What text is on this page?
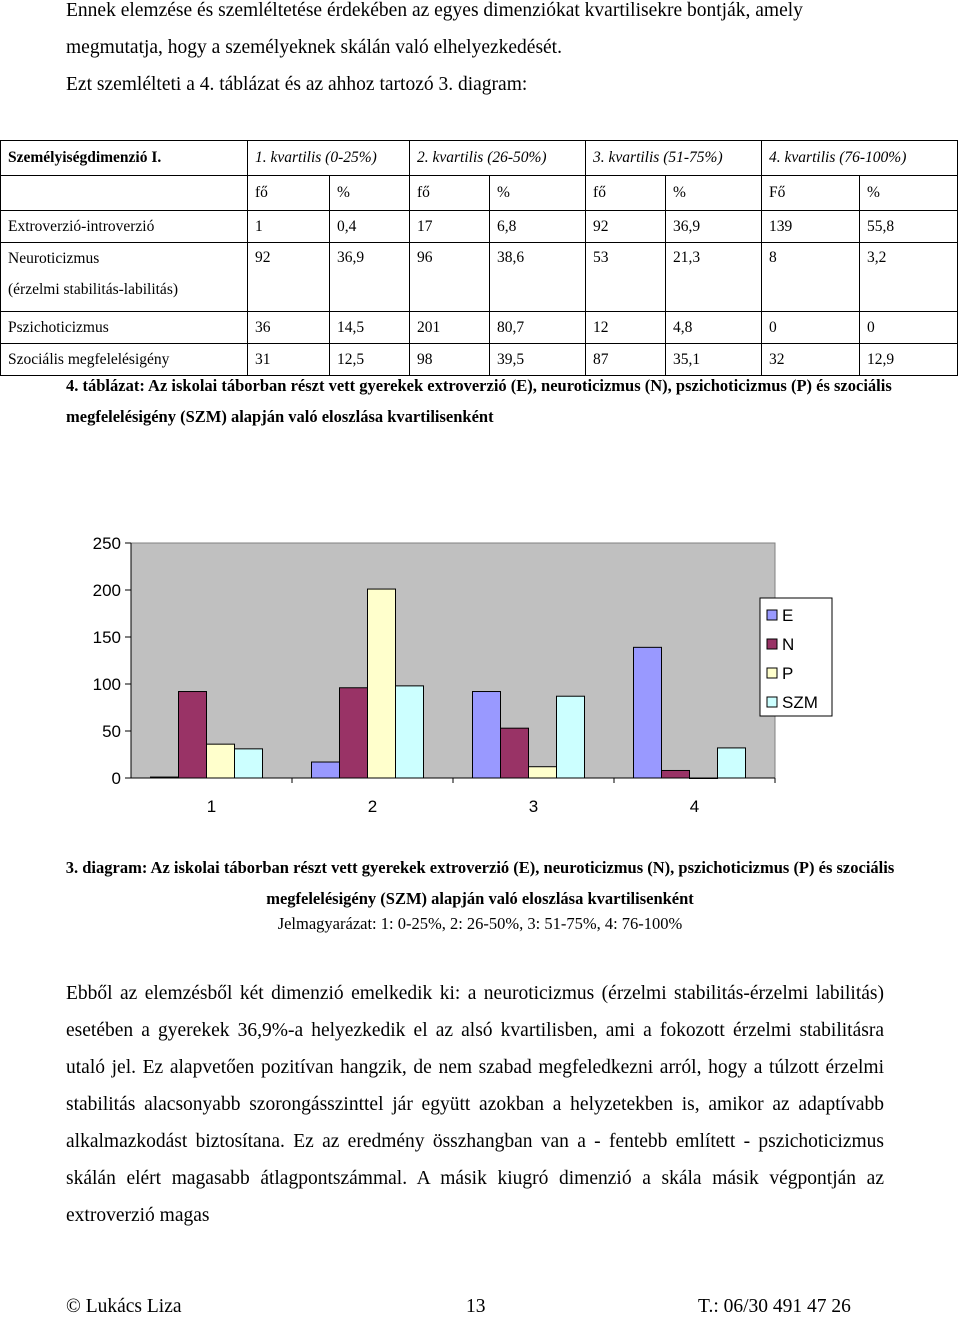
Ennek elemzése és szemléltetése érdekében az egyes dimenziókat kvartilisekre bontják, amely
megmutatja, hogy a személyeknek skálán való elhelyezkedését.
Ezt szemlélteti a 4. táblázat és az ahhoz tartozó 3. diagram:
Személyiségdimenzió I.	1. kvartilis (0-25%)		2. kvartilis (26-50%)		3. kvartilis (51-75%)		4. kvartilis (76-100%)	
	fő	%	fő	%	fő	%	Fő	%
Extroverzió-introverzió	1	0,4	17	6,8	92	36,9	139	55,8

Neuroticizmus
(érzelmi stabilitás-labilitás)	92	36,9	96	38,6	53	21,3	8	3,2
Pszichoticizmus	36	14,5	201	80,7	12	4,8	0	0
Szociális megfelelésigény	31	12,5	98	39,5	87	35,1	32	12,9
4. táblázat: Az iskolai táborban részt vett gyerekek extroverzió (E), neuroticizmus (N), pszichoticizmus (P) és szociális megfelelésigény (SZM) alapján való eloszlása kvartilisenként
250
200
150
100
50
0
1	2	3	4
E
N
P
SZM
3. diagram: Az iskolai táborban részt vett gyerekek extroverzió (E), neuroticizmus (N), pszichoticizmus (P) és szociális megfelelésigény (SZM) alapján való eloszlása kvartilisenként
Jelmagyarázat: 1: 0-25%, 2: 26-50%, 3: 51-75%, 4: 76-100%
Ebből az elemzésből két dimenzió emelkedik ki: a neuroticizmus (érzelmi stabilitás-érzelmi labilitás) esetében a gyerekek 36,9%-a helyezkedik el az alsó kvartilisben, ami a fokozott érzelmi stabilitásra utaló jel. Ez alapvetően pozitívan hangzik, de nem szabad megfeledkezni arról, hogy a túlzott érzelmi stabilitás alacsonyabb szorongásszinttel jár együtt azokban a helyzetekben is, amikor az adaptívabb alkalmazkodást biztosítana. Ez az eredmény összhangban van a - fentebb említett - pszichoticizmus skálán elért magasabb átlagpontszámmal. A másik kiugró dimenzió a skála másik végpontján az extroverzió magas
© Lukács Liza	13	T.: 06/30 491 47 26
